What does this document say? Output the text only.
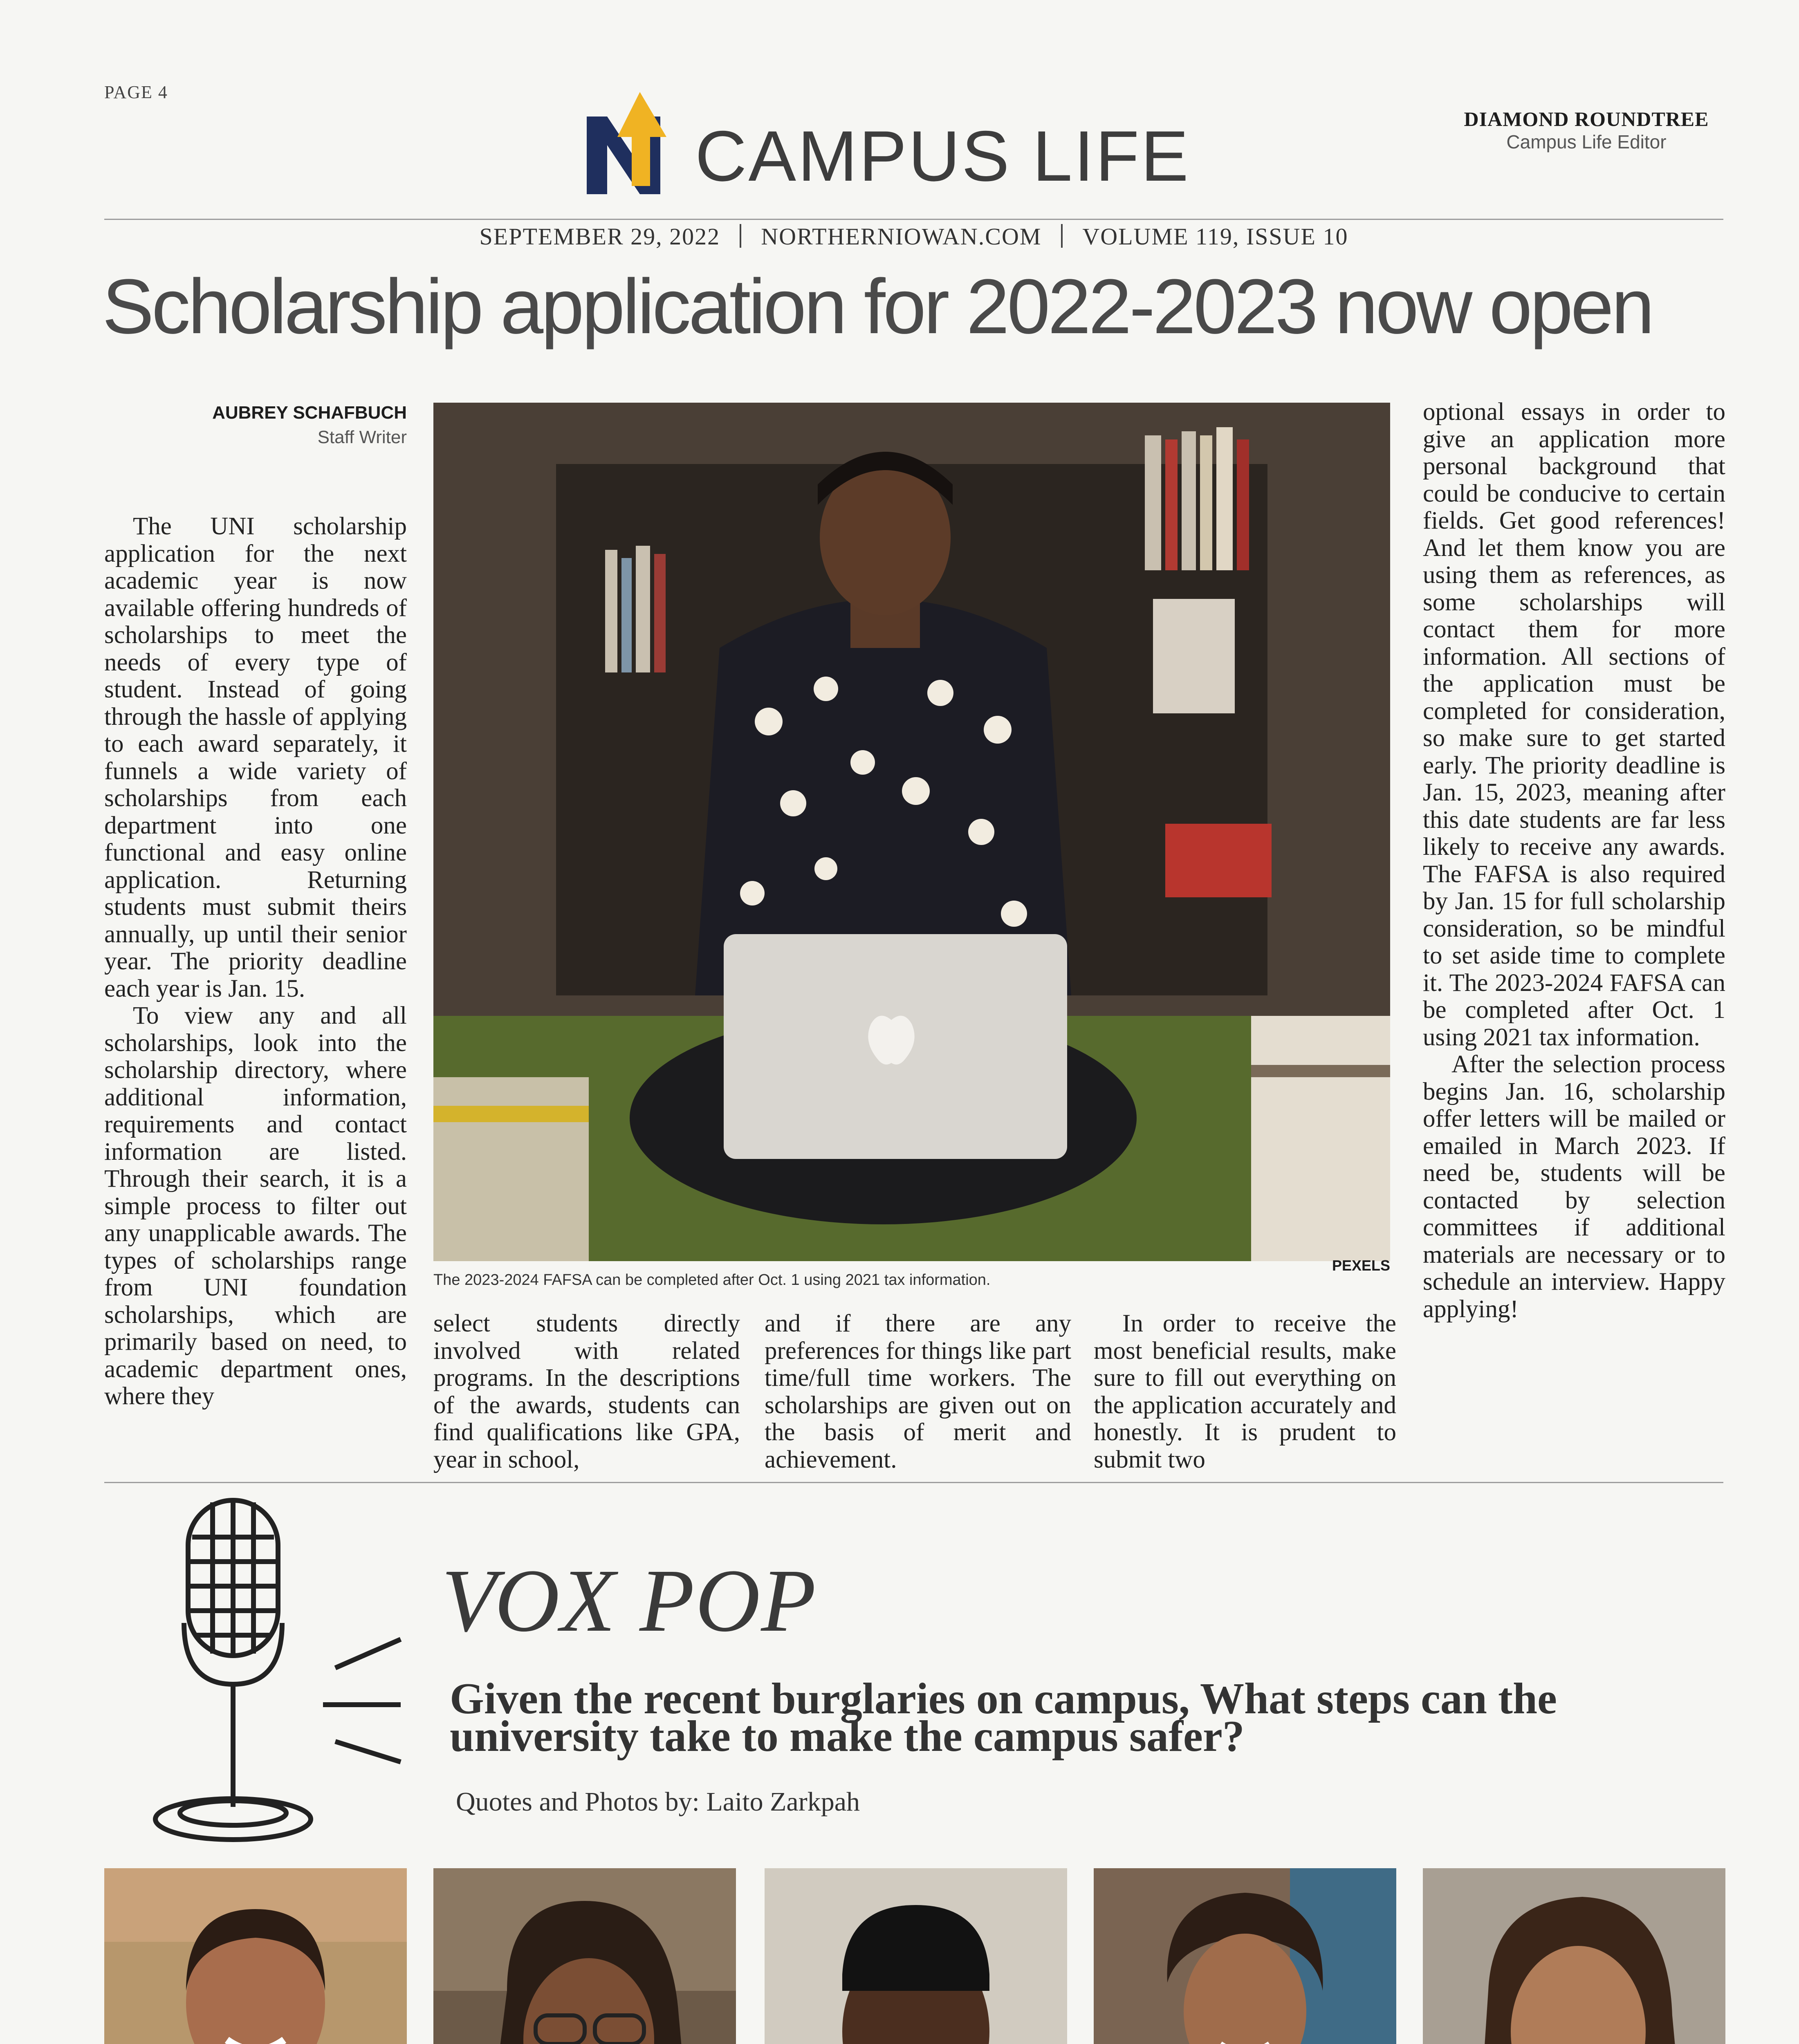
PAGE 4
CAMPUS LIFE	DIAMOND ROUNDTREE
Campus Life Editor
SEPTEMBER 29, 2022 NORTHERNIOWAN.COM VOLUME 119, ISSUE 10
Scholarship application for 2022-2023 now open
AUBREY SCHAFBUCH
Staff Writer

The UNI scholarship application for the next academic year is now available offering hundreds of scholarships to meet the needs of every type of student. Instead of going through the hassle of applying to each award separately, it funnels a wide variety of scholarships from each department into one functional and easy online application. Returning students must submit theirs annually, up until their senior year. The priority deadline each year is Jan. 15.

To view any and all scholarships, look into the scholarship directory, where additional information, requirements and contact information are listed. Through their search, it is a simple process to filter out any unapplicable awards. The types of scholarships range from UNI foundation scholarships, which are primarily based on need, to academic department ones, where they

The 2023-2024 FAFSA can be completed after Oct. 1 using 2021 tax information.
PEXELS

select students directly involved with related programs. In the descriptions of the awards, students can find qualifications like GPA, year in school,

and if there are any preferences for things like part time/full time workers. The scholarships are given out on the basis of merit and achievement.

In order to receive the most beneficial results, make sure to fill out everything on the application accurately and honestly. It is prudent to submit two

optional essays in order to give an application more personal background that could be conducive to certain fields. Get good references! And let them know you are using them as references, as some scholarships will contact them for more information. All sections of the application must be completed for consideration, so make sure to get started early. The priority deadline is Jan. 15, 2023, meaning after this date students are far less likely to receive any awards. The FAFSA is also required by Jan. 15 for full scholarship consideration, so be mindful to set aside time to complete it. The 2023-2024 FAFSA can be completed after Oct. 1 using 2021 tax information.

After the selection process begins Jan. 16, scholarship offer letters will be mailed or emailed in March 2023. If need be, students will be contacted by selection committees if additional materials are necessary or to schedule an interview. Happy applying!

VOX POP
Given the recent burglaries on campus, What steps can the university take to make the campus safer?
Quotes and Photos by: Laito Zarkpah
